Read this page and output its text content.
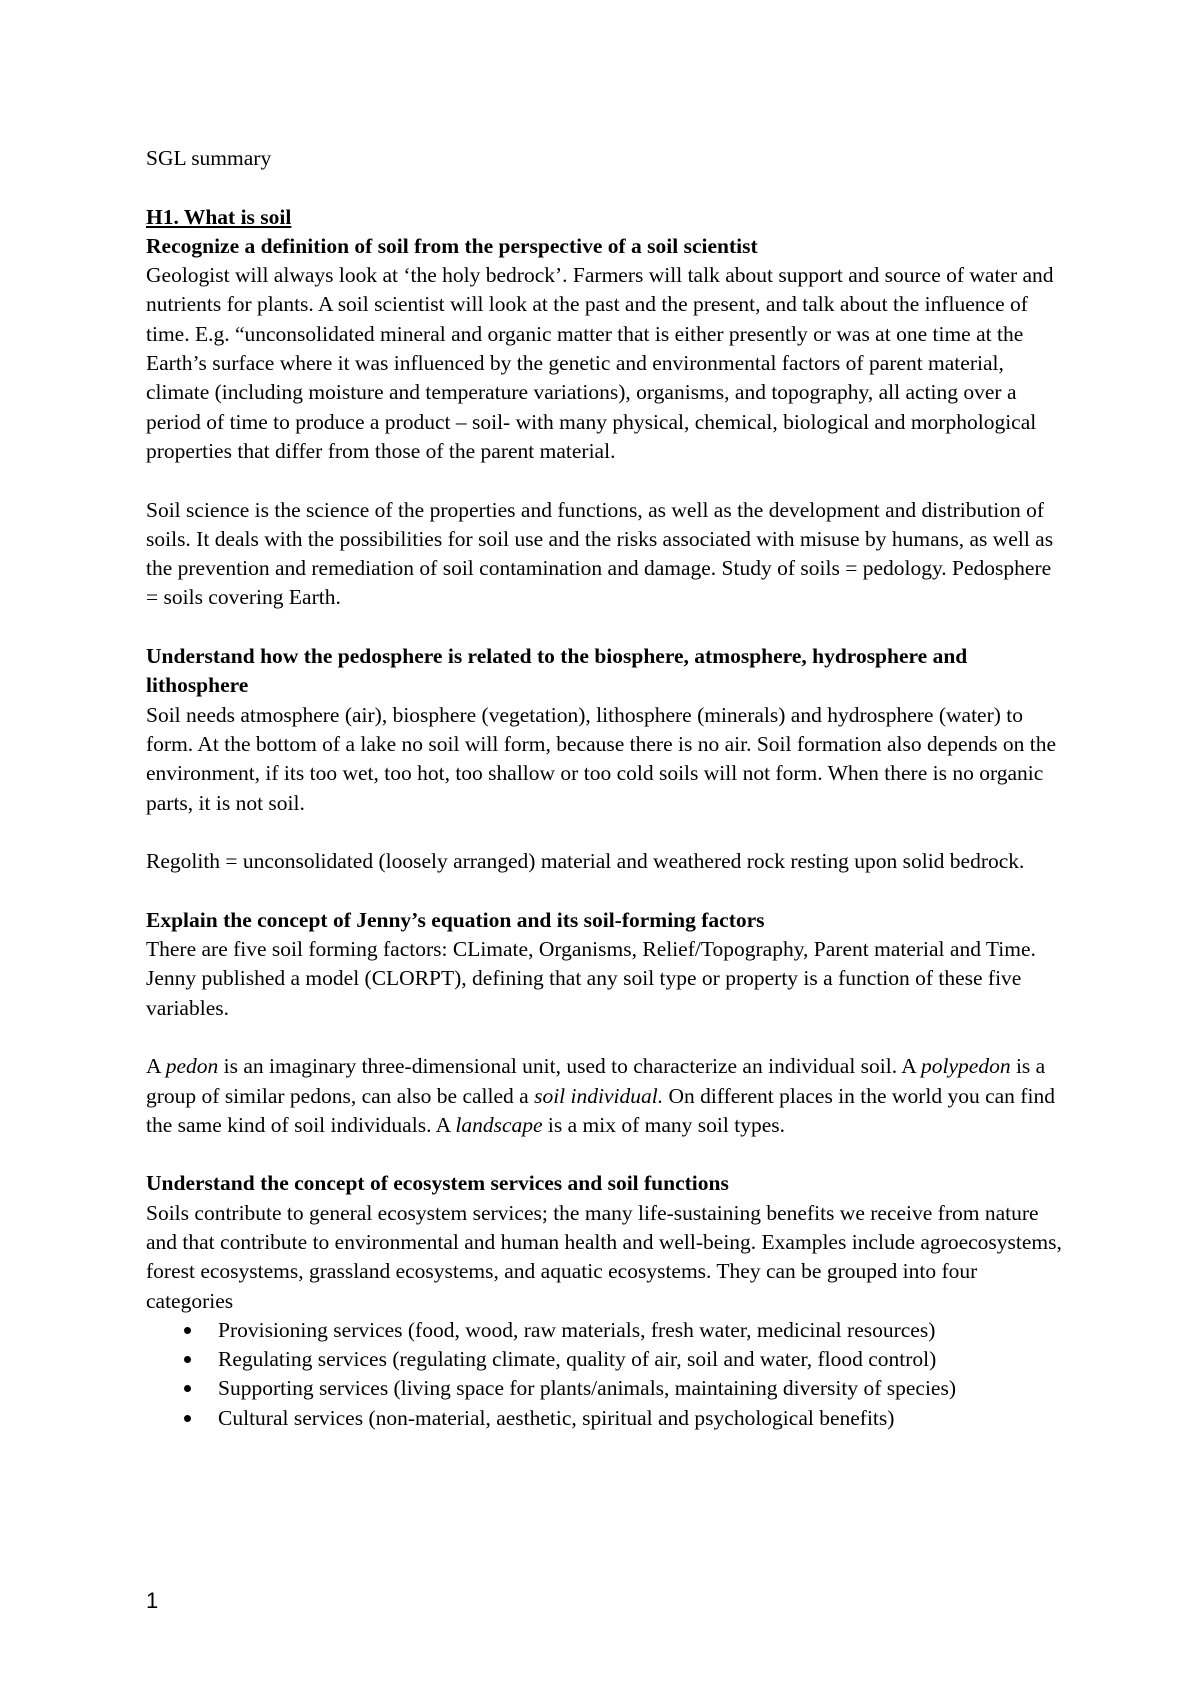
SGL summary

H1. What is soil

Recognize a definition of soil from the perspective of a soil scientist

Geologist will always look at ‘the holy bedrock’. Farmers will talk about support and source of water and nutrients for plants. A soil scientist will look at the past and the present, and talk about the influence of time. E.g. “unconsolidated mineral and organic matter that is either presently or was at one time at the Earth’s surface where it was influenced by the genetic and environmental factors of parent material, climate (including moisture and temperature variations), organisms, and topography, all acting over a period of time to produce a product – soil- with many physical, chemical, biological and morphological properties that differ from those of the parent material.

Soil science is the science of the properties and functions, as well as the development and distribution of soils. It deals with the possibilities for soil use and the risks associated with misuse by humans, as well as the prevention and remediation of soil contamination and damage. Study of soils = pedology. Pedosphere = soils covering Earth.

Understand how the pedosphere is related to the biosphere, atmosphere, hydrosphere and lithosphere

Soil needs atmosphere (air), biosphere (vegetation), lithosphere (minerals) and hydrosphere (water) to form. At the bottom of a lake no soil will form, because there is no air. Soil formation also depends on the environment, if its too wet, too hot, too shallow or too cold soils will not form. When there is no organic parts, it is not soil.

Regolith = unconsolidated (loosely arranged) material and weathered rock resting upon solid bedrock.

Explain the concept of Jenny’s equation and its soil-forming factors

There are five soil forming factors: CLimate, Organisms, Relief/Topography, Parent material and Time. Jenny published a model (CLORPT), defining that any soil type or property is a function of these five variables.

A pedon is an imaginary three-dimensional unit, used to characterize an individual soil. A polypedon is a group of similar pedons, can also be called a soil individual. On different places in the world you can find the same kind of soil individuals. A landscape is a mix of many soil types.

Understand the concept of ecosystem services and soil functions

Soils contribute to general ecosystem services; the many life-sustaining benefits we receive from nature and that contribute to environmental and human health and well-being. Examples include agroecosystems, forest ecosystems, grassland ecosystems, and aquatic ecosystems. They can be grouped into four categories

Provisioning services (food, wood, raw materials, fresh water, medicinal resources)
Regulating services (regulating climate, quality of air, soil and water, flood control)
Supporting services (living space for plants/animals, maintaining diversity of species)
Cultural services (non-material, aesthetic, spiritual and psychological benefits)
1
